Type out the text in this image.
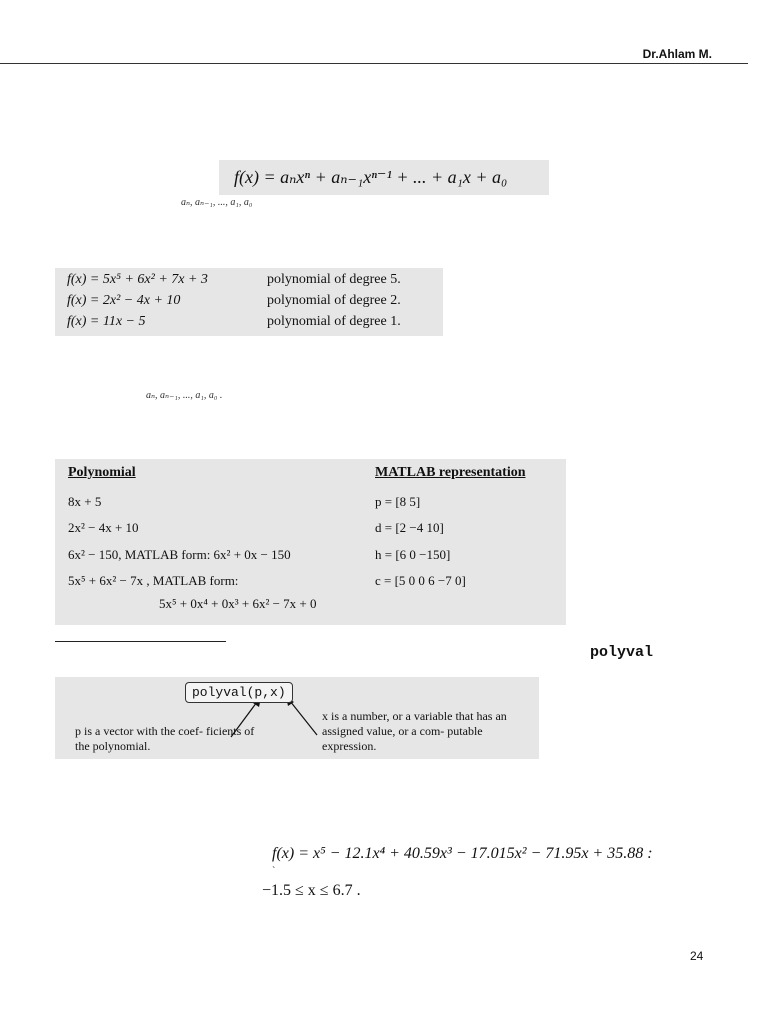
Dr.Ahlam M.
f(x) = aₙxⁿ + aₙ₋₁xⁿ⁻¹ + ... + a₁x + a₀
aₙ, aₙ₋₁, ..., a₁, a₀
f(x) = 5x⁵ + 6x² + 7x + 3	polynomial of degree 5.
f(x) = 2x² − 4x + 10	polynomial of degree 2.
f(x) = 11x − 5	polynomial of degree 1.
aₙ, aₙ₋₁, ..., a₁, a₀ .
Polynomial	MATLAB representation
8x + 5	p = [8 5]
2x² − 4x + 10	d = [2 −4 10]
6x² − 150, MATLAB form: 6x² + 0x − 150	h = [6 0 −150]
5x⁵ + 6x² − 7x , MATLAB form:	c = [5 0 0 6 −7 0]
5x⁵ + 0x⁴ + 0x³ + 6x² − 7x + 0
polyval
polyval(p,x)
p is a vector with the coef- ficients of the polynomial.
x is a number, or a variable that has an assigned value, or a com- putable expression.
f(x) = x⁵ − 12.1x⁴ + 40.59x³ − 17.015x² − 71.95x + 35.88 :
`
−1.5 ≤ x ≤ 6.7 .
24
